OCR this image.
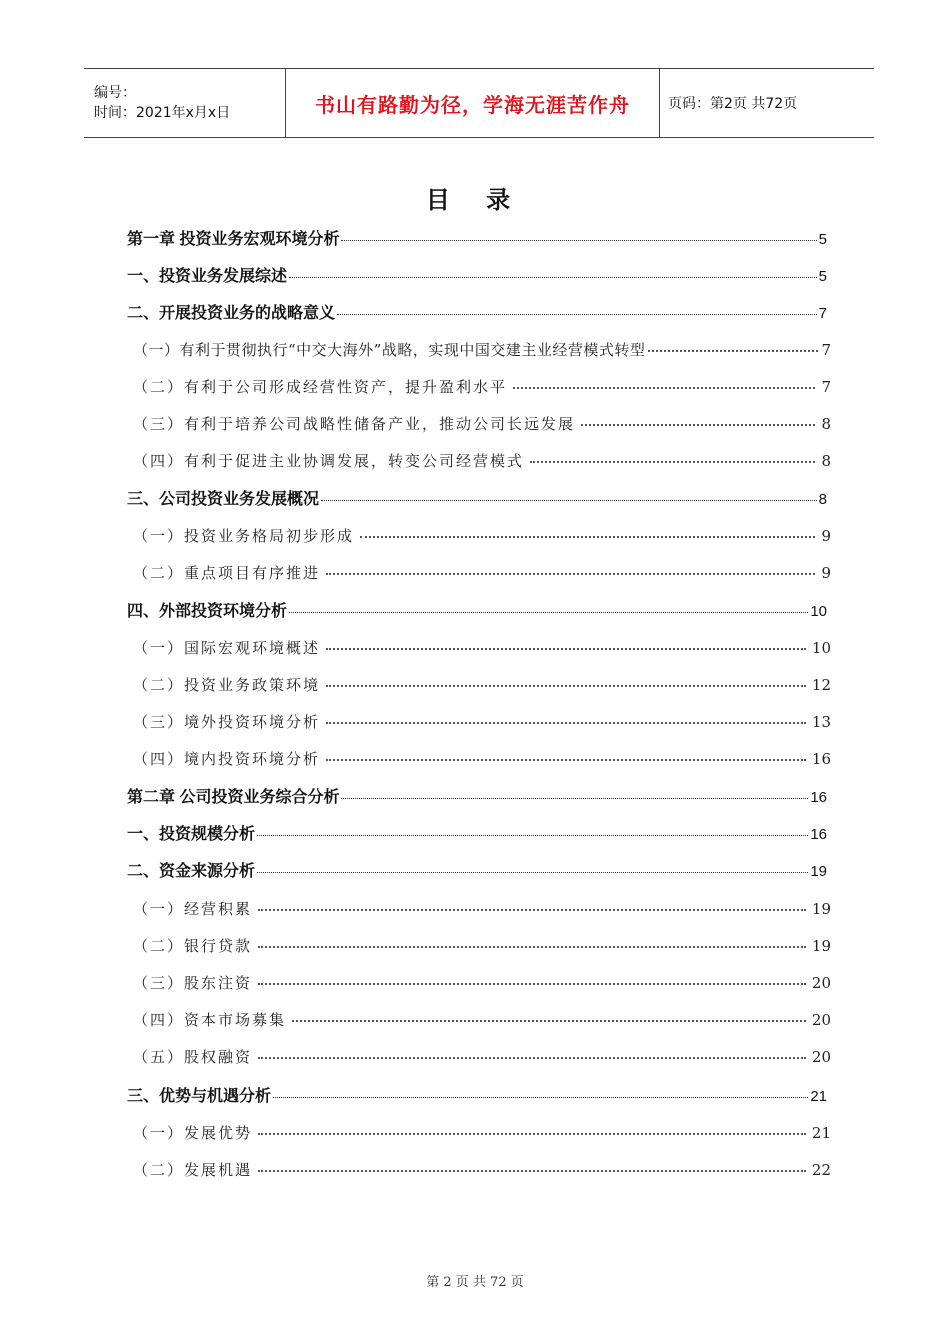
编号：
时间：2021年x月x日	书山有路勤为径，学海无涯苦作舟	页码：第2页 共72页
目 录
第一章 投资业务宏观环境分析	5
一、投资业务发展综述	5
二、开展投资业务的战略意义	7
（一）有利于贯彻执行“中交大海外”战略，实现中国交建主业经营模式转型	7
（二）有利于公司形成经营性资产，提升盈利水平	7
（三）有利于培养公司战略性储备产业，推动公司长远发展	8
（四）有利于促进主业协调发展，转变公司经营模式	8
三、公司投资业务发展概况	8
（一）投资业务格局初步形成	9
（二）重点项目有序推进	9
四、外部投资环境分析	10
（一）国际宏观环境概述	10
（二）投资业务政策环境	12
（三）境外投资环境分析	13
（四）境内投资环境分析	16
第二章 公司投资业务综合分析	16
一、投资规模分析	16
二、资金来源分析	19
（一）经营积累	19
（二）银行贷款	19
（三）股东注资	20
（四）资本市场募集	20
（五）股权融资	20
三、优势与机遇分析	21
（一）发展优势	21
（二）发展机遇	22
第 2 页 共 72 页
